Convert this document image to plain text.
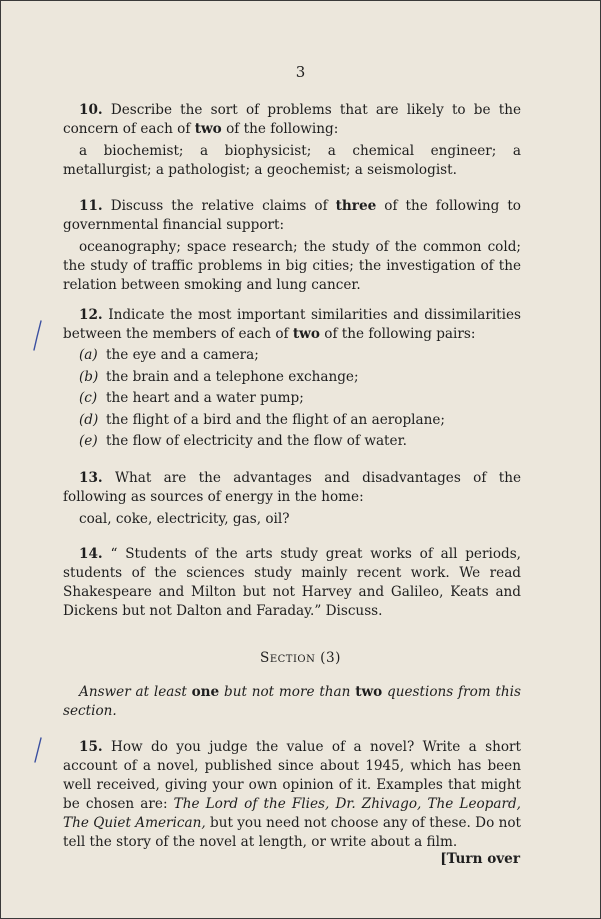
3
10. Describe the sort of problems that are likely to be the concern of each of two of the following:
a biochemist; a biophysicist; a chemical engineer; a metallurgist; a pathologist; a geochemist; a seismologist.
11. Discuss the relative claims of three of the following to governmental financial support:
oceanography; space research; the study of the common cold; the study of traffic problems in big cities; the investigation of the relation between smoking and lung cancer.
12. Indicate the most important similarities and dissimilarities between the members of each of two of the following pairs:
(a) the eye and a camera;
(b) the brain and a telephone exchange;
(c) the heart and a water pump;
(d) the flight of a bird and the flight of an aeroplane;
(e) the flow of electricity and the flow of water.
13. What are the advantages and disadvantages of the following as sources of energy in the home:
coal, coke, electricity, gas, oil?
14. “ Students of the arts study great works of all periods, students of the sciences study mainly recent work. We read Shakespeare and Milton but not Harvey and Galileo, Keats and Dickens but not Dalton and Faraday.” Discuss.
Section (3)
Answer at least one but not more than two questions from this section.
15. How do you judge the value of a novel? Write a short account of a novel, published since about 1945, which has been well received, giving your own opinion of it. Examples that might be chosen are: The Lord of the Flies, Dr. Zhivago, The Leopard, The Quiet American, but you need not choose any of these. Do not tell the story of the novel at length, or write about a film.
[Turn over
